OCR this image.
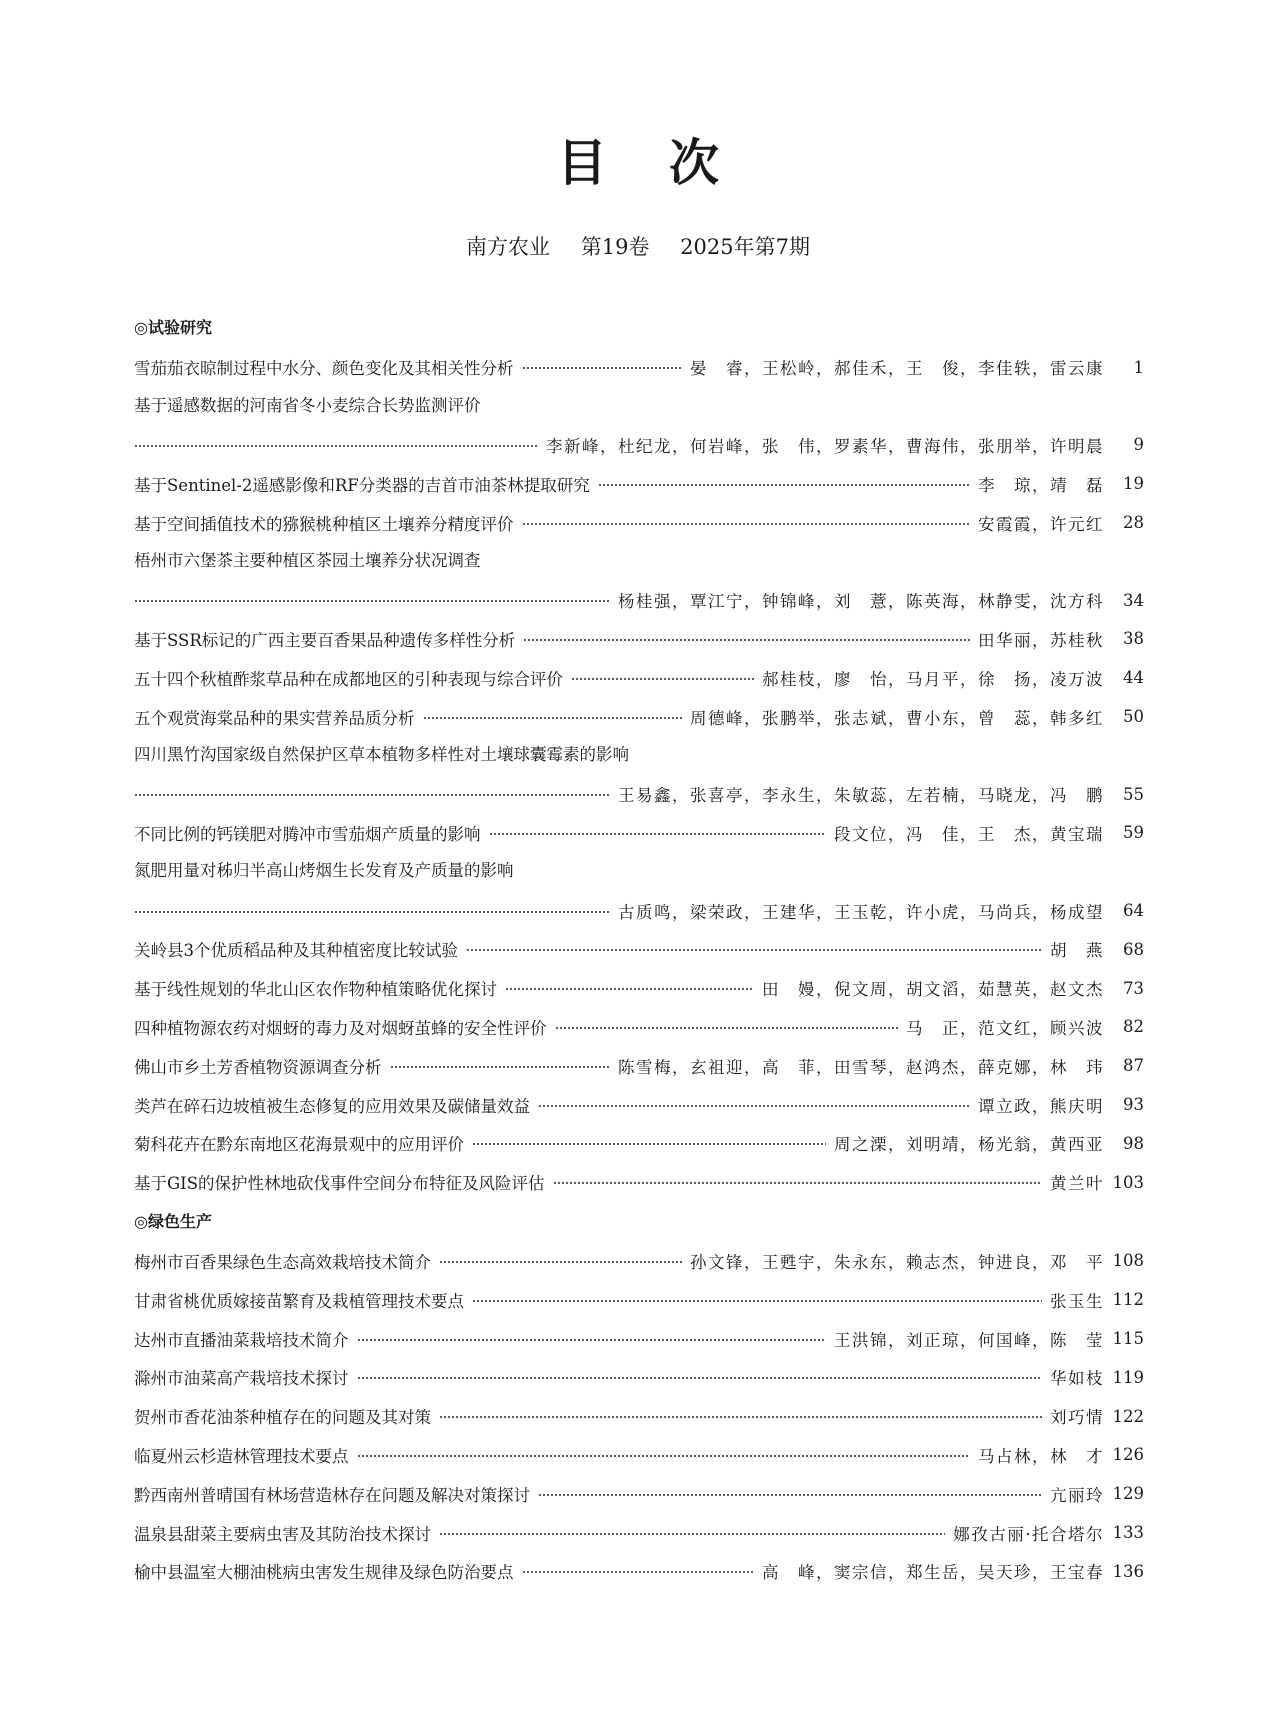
目次
南方农业 第19卷 2025年第7期
◎试验研究
雪茄茄衣晾制过程中水分、颜色变化及其相关性分析	晏　睿，王松岭，郝佳禾，王　俊，李佳轶，雷云康	1
基于遥感数据的河南省冬小麦综合长势监测评价
李新峰，杜纪龙，何岩峰，张　伟，罗素华，曹海伟，张朋举，许明晨	9
基于Sentinel-2遥感影像和RF分类器的吉首市油茶林提取研究	李　琼，靖　磊	19
基于空间插值技术的猕猴桃种植区土壤养分精度评价	安霞霞，许元红	28
梧州市六堡茶主要种植区茶园土壤养分状况调查
杨桂强，覃江宁，钟锦峰，刘　薏，陈英海，林静雯，沈方科	34
基于SSR标记的广西主要百香果品种遗传多样性分析	田华丽，苏桂秋	38
五十四个秋植酢浆草品种在成都地区的引种表现与综合评价	郝桂枝，廖　怡，马月平，徐　扬，凌万波	44
五个观赏海棠品种的果实营养品质分析	周德峰，张鹏举，张志斌，曹小东，曾　蕊，韩多红	50
四川黑竹沟国家级自然保护区草本植物多样性对土壤球囊霉素的影响
王易鑫，张喜亭，李永生，朱敏蕊，左若楠，马晓龙，冯　鹏	55
不同比例的钙镁肥对腾冲市雪茄烟产质量的影响	段文位，冯　佳，王　杰，黄宝瑞	59
氮肥用量对秭归半高山烤烟生长发育及产质量的影响
古质鸣，梁荣政，王建华，王玉乾，许小虎，马尚兵，杨成望	64
关岭县3个优质稻品种及其种植密度比较试验	胡　燕	68
基于线性规划的华北山区农作物种植策略优化探讨	田　嫚，倪文周，胡文滔，茹慧英，赵文杰	73
四种植物源农药对烟蚜的毒力及对烟蚜茧蜂的安全性评价	马　正，范文红，顾兴波	82
佛山市乡土芳香植物资源调查分析	陈雪梅，玄祖迎，高　菲，田雪琴，赵鸿杰，薛克娜，林　玮	87
类芦在碎石边坡植被生态修复的应用效果及碳储量效益	谭立政，熊庆明	93
菊科花卉在黔东南地区花海景观中的应用评价	周之溧，刘明靖，杨光翁，黄西亚	98
基于GIS的保护性林地砍伐事件空间分布特征及风险评估	黄兰叶 103
◎绿色生产
梅州市百香果绿色生态高效栽培技术简介	孙文锋，王甦宇，朱永东，赖志杰，钟进良，邓　平 108
甘肃省桃优质嫁接苗繁育及栽植管理技术要点	张玉生 112
达州市直播油菜栽培技术简介	王洪锦，刘正琼，何国峰，陈　莹 115
滁州市油菜高产栽培技术探讨	华如枝 119
贺州市香花油茶种植存在的问题及其对策	刘巧情 122
临夏州云杉造林管理技术要点	马占林，林　才 126
黔西南州普晴国有林场营造林存在问题及解决对策探讨	亢丽玲 129
温泉县甜菜主要病虫害及其防治技术探讨	娜孜古丽·托合塔尔 133
榆中县温室大棚油桃病虫害发生规律及绿色防治要点	高　峰，窦宗信，郑生岳，吴天珍，王宝春 136
